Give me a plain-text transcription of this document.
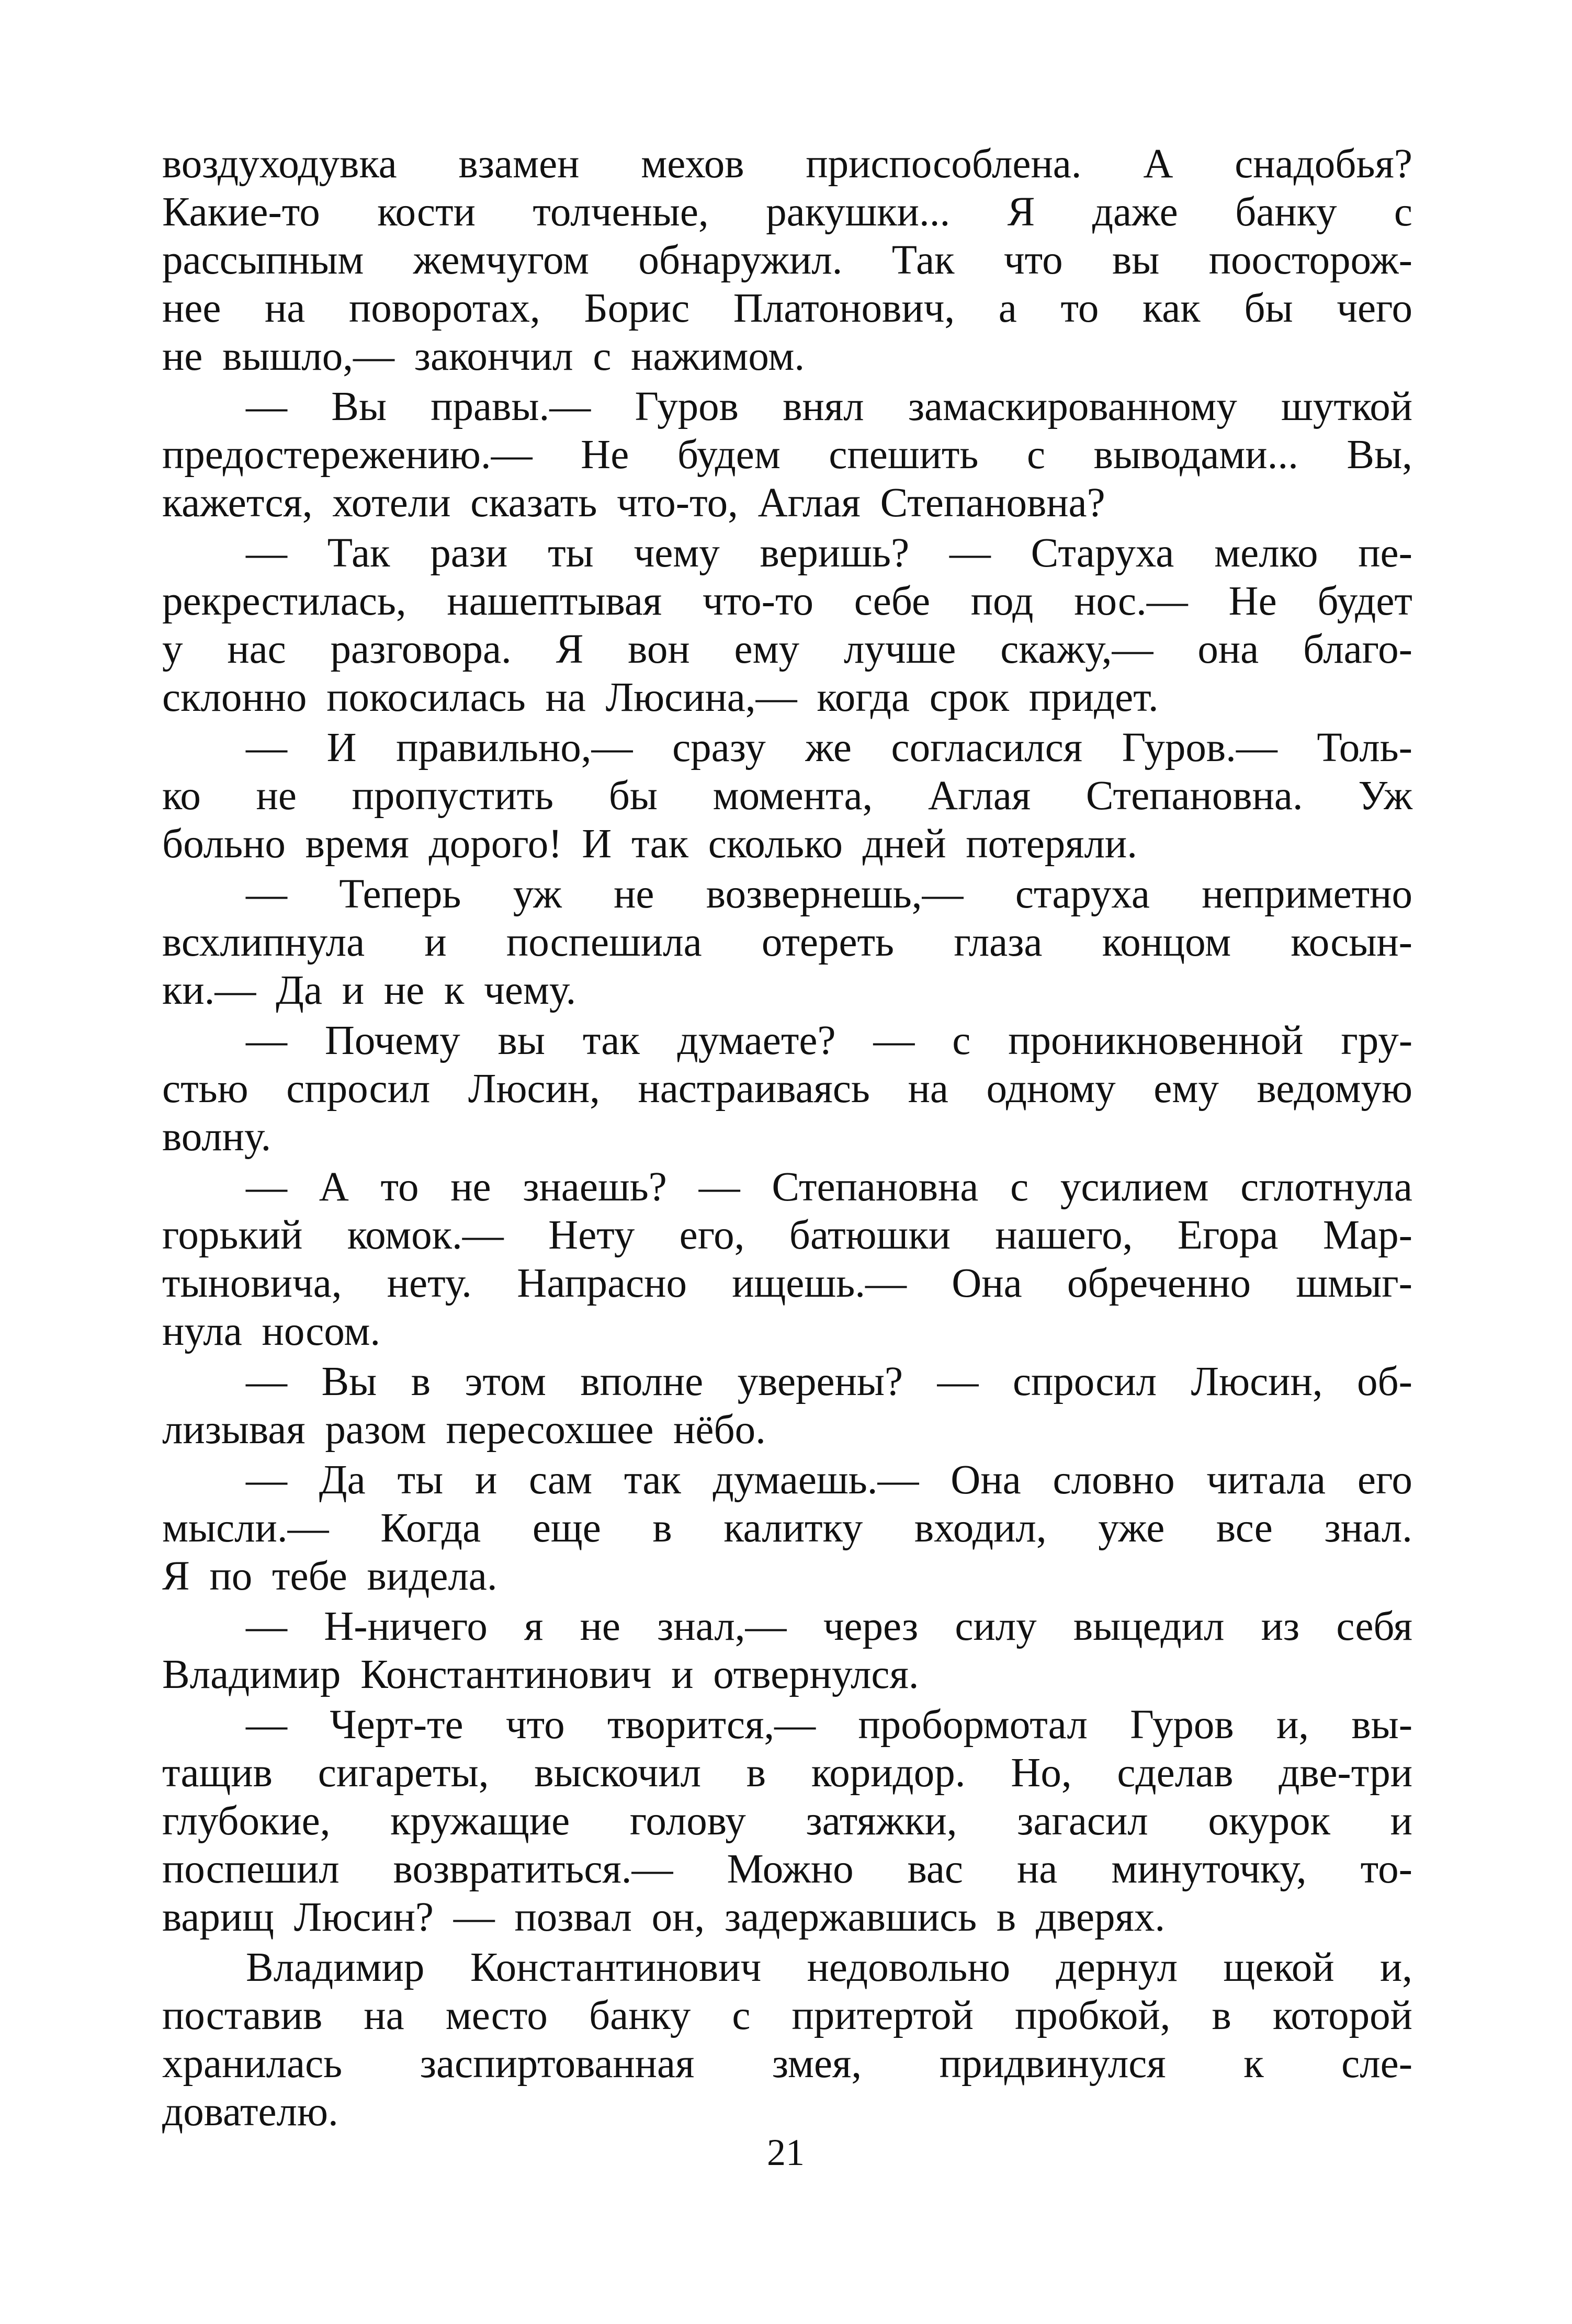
воздуходувка взамен мехов приспособлена. А снадобья?
Какие-то кости толченые, ракушки... Я даже банку с
рассыпным жемчугом обнаружил. Так что вы поосторож-
нее на поворотах, Борис Платонович, а то как бы чего
не
вышло,—
закончил
с
нажимом.
— Вы правы.— Гуров внял замаскированному шуткой
предостережению.— Не будем спешить с выводами... Вы,
кажется,
хотели
сказать
что-то,
Аглая
Степановна?
— Так рази ты чему веришь? — Старуха мелко пе-
рекрестилась, нашептывая что-то себе под нос.— Не будет
у нас разговора. Я вон ему лучше скажу,— она благо-
склонно
покосилась
на
Люсина,—
когда
срок
придет.
— И правильно,— сразу же согласился Гуров.— Толь-
ко не пропустить бы момента, Аглая Степановна. Уж
больно
время
дорого!
И
так
сколько
дней
потеряли.
— Теперь уж не возвернешь,— старуха неприметно
всхлипнула и поспешила отереть глаза концом косын-
ки.—
Да
и
не
к
чему.
— Почему вы так думаете? — с проникновенной гру-
стью спросил Люсин, настраиваясь на одному ему ведомую
волну.
— А то не знаешь? — Степановна с усилием сглотнула
горький комок.— Нету его, батюшки нашего, Егора Мар-
тыновича, нету. Напрасно ищешь.— Она обреченно шмыг-
нула
носом.
— Вы в этом вполне уверены? — спросил Люсин, об-
лизывая
разом
пересохшее
нёбо.
— Да ты и сам так думаешь.— Она словно читала его
мысли.— Когда еще в калитку входил, уже все знал.
Я
по
тебе
видела.
— Н-ничего я не знал,— через силу выцедил из себя
Владимир
Константинович
и
отвернулся.
— Черт-те что творится,— пробормотал Гуров и, вы-
тащив сигареты, выскочил в коридор. Но, сделав две-три
глубокие, кружащие голову затяжки, загасил окурок и
поспешил возвратиться.— Можно вас на минуточку, то-
варищ
Люсин?
—
позвал
он,
задержавшись
в
дверях.
Владимир Константинович недовольно дернул щекой и,
поставив на место банку с притертой пробкой, в которой
хранилась заспиртованная змея, придвинулся к сле-
дователю.
21
